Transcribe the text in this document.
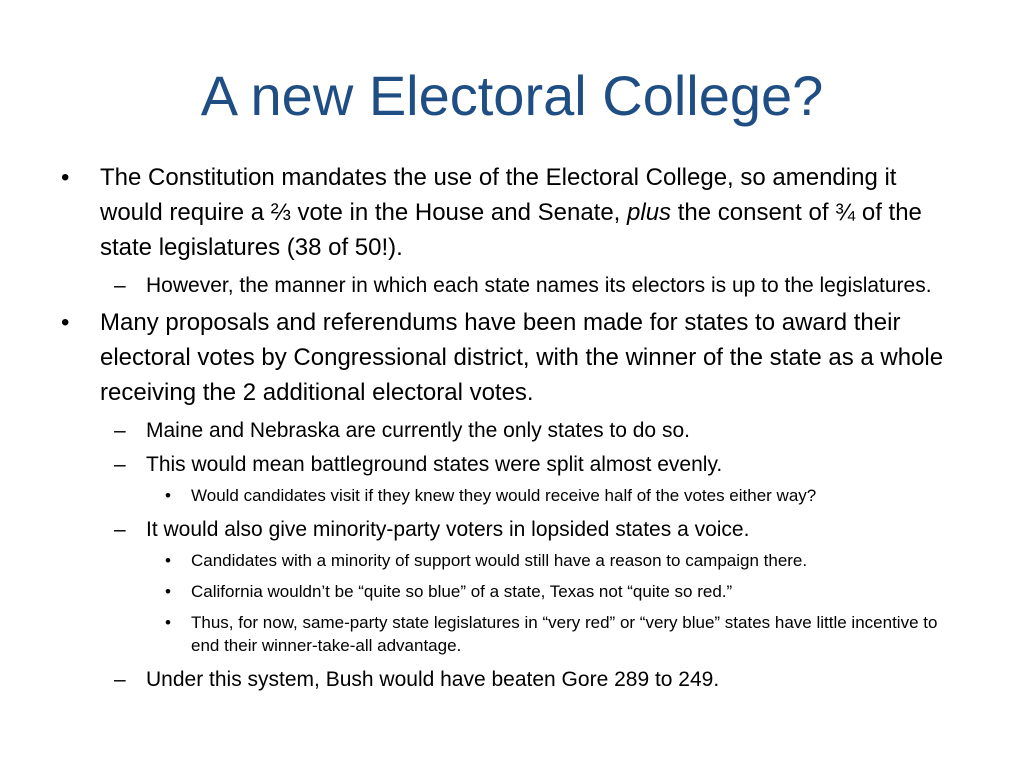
A new Electoral College?
• The Constitution mandates the use of the Electoral College, so amending it would require a ⅔ vote in the House and Senate, plus the consent of ¾ of the state legislatures (38 of 50!).
– However, the manner in which each state names its electors is up to the legislatures.
• Many proposals and referendums have been made for states to award their electoral votes by Congressional district, with the winner of the state as a whole receiving the 2 additional electoral votes.
– Maine and Nebraska are currently the only states to do so.
– This would mean battleground states were split almost evenly.
• Would candidates visit if they knew they would receive half of the votes either way?
– It would also give minority-party voters in lopsided states a voice.
• Candidates with a minority of support would still have a reason to campaign there.
• California wouldn’t be “quite so blue” of a state, Texas not “quite so red.”
• Thus, for now, same-party state legislatures in “very red” or “very blue” states have little incentive to end their winner-take-all advantage.
– Under this system, Bush would have beaten Gore 289 to 249.
